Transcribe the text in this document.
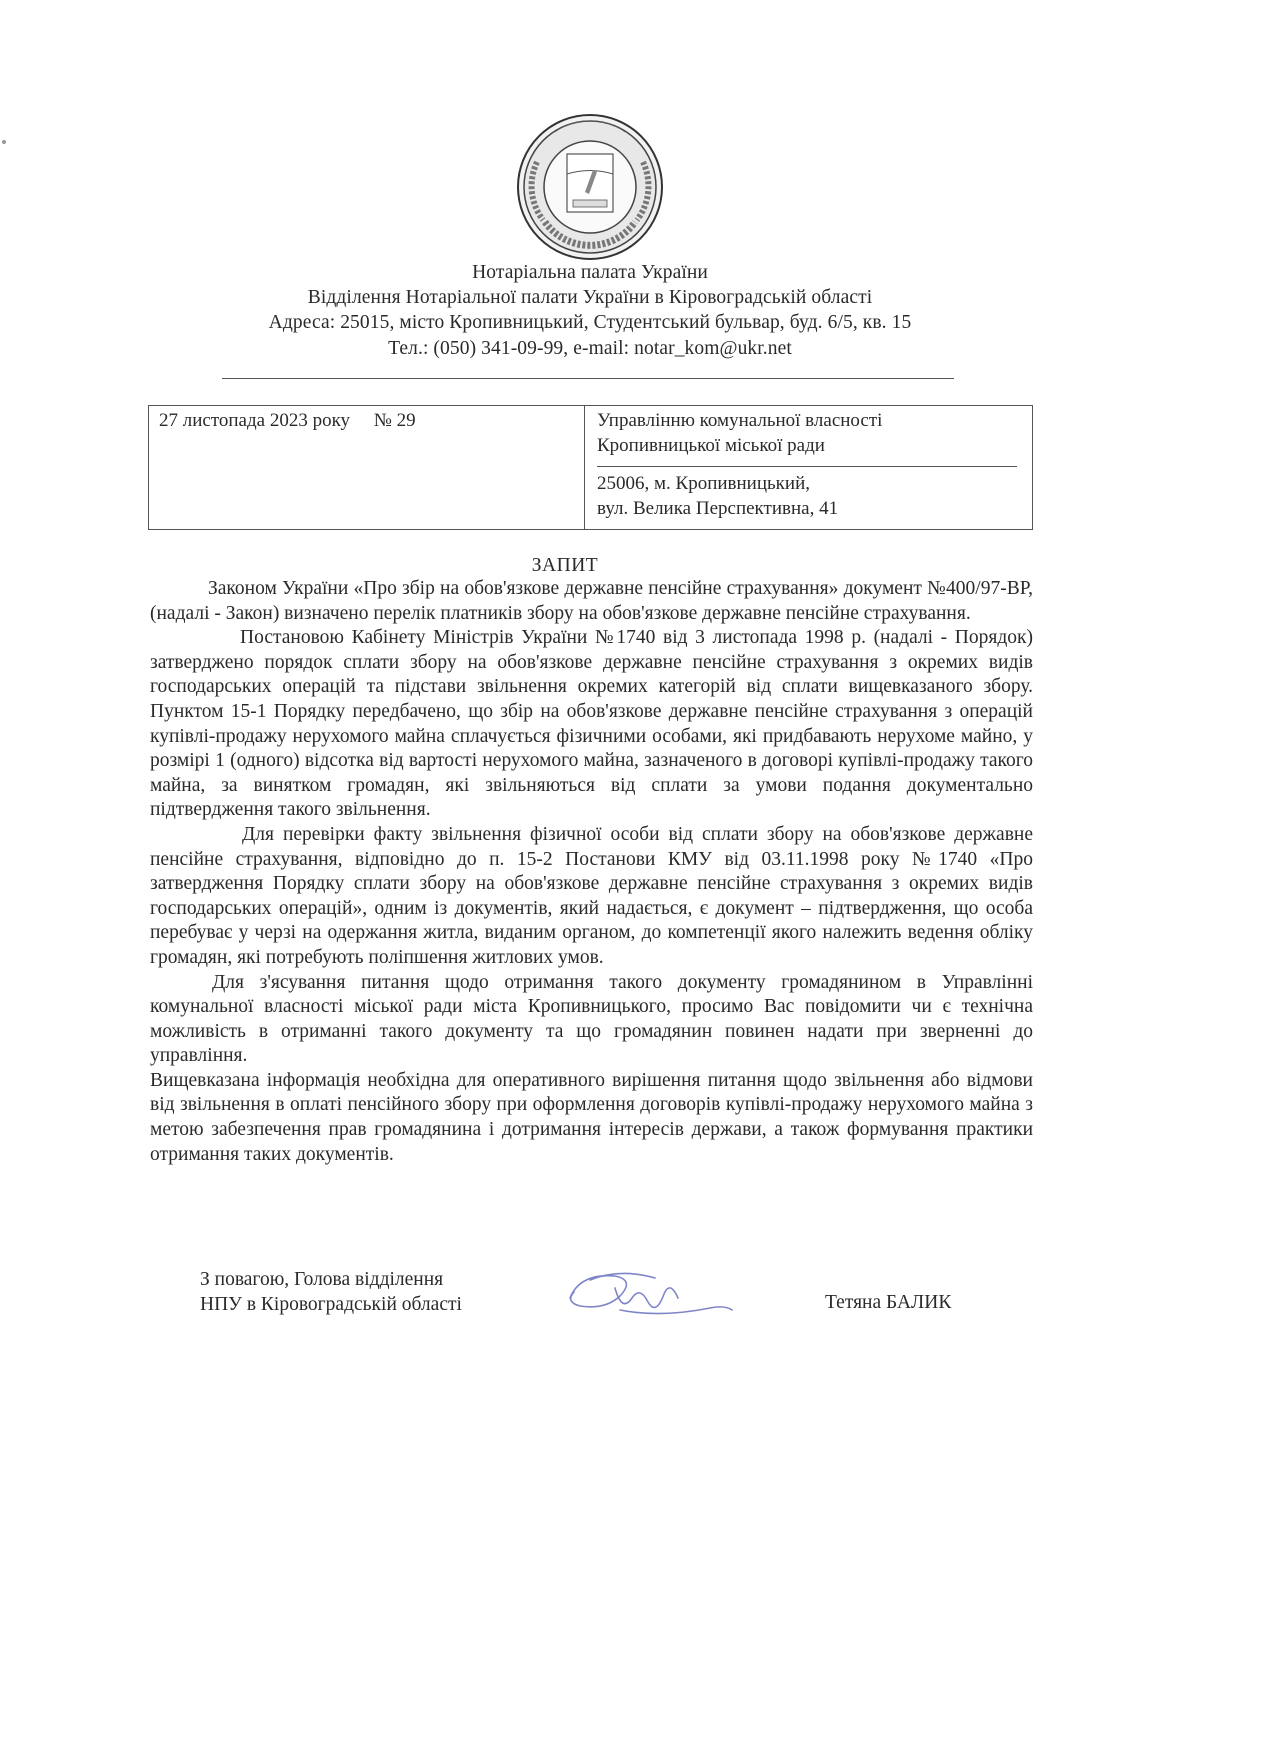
Нотаріальна палата України
Відділення Нотаріальної палати України в Кіровоградській області
Адреса: 25015, місто Кропивницький, Студентський бульвар, буд. 6/5, кв. 15
Тел.: (050) 341-09-99, e-mail: notar_kom@ukr.net
27 листопада 2023 року     № 29	Управлінню комунальної власності
Кропивницької міської ради
25006, м. Кропивницький,
вул. Велика Перспективна, 41
ЗАПИТ

Законом України «Про збір на обов'язкове державне пенсійне страхування» документ №400/97-ВР, (надалі - Закон) визначено перелік платників збору на обов'язкове державне пенсійне страхування.

Постановою Кабінету Міністрів України №1740 від 3 листопада 1998 р. (надалі - Порядок) затверджено порядок сплати збору на обов'язкове державне пенсійне страхування з окремих видів господарських операцій та підстави звільнення окремих категорій від сплати вищевказаного збору. Пунктом 15-1 Порядку передбачено, що збір на обов'язкове державне пенсійне страхування з операцій купівлі-продажу нерухомого майна сплачується фізичними особами, які придбавають нерухоме майно, у розмірі 1 (одного) відсотка від вартості нерухомого майна, зазначеного в договорі купівлі-продажу такого майна, за винятком громадян, які звільняються від сплати за умови подання документально підтвердження такого звільнення.

Для перевірки факту звільнення фізичної особи від сплати збору на обов'язкове державне пенсійне страхування, відповідно до п. 15-2 Постанови КМУ від 03.11.1998 року №1740 «Про затвердження Порядку сплати збору на обов'язкове державне пенсійне страхування з окремих видів господарських операцій», одним із документів, який надається, є документ – підтвердження, що особа перебуває у черзі на одержання житла, виданим органом, до компетенції якого належить ведення обліку громадян, які потребують поліпшення житлових умов.

Для з'ясування питання щодо отримання такого документу громадянином в Управлінні комунальної власності міської ради міста Кропивницького, просимо Вас повідомити чи є технічна можливість в отриманні такого документу та що громадянин повинен надати при зверненні до управління.

Вищевказана інформація необхідна для оперативного вирішення питання щодо звільнення або відмови від звільнення в оплаті пенсійного збору при оформлення договорів купівлі-продажу нерухомого майна з метою забезпечення прав громадянина і дотримання інтересів держави, а також формування практики отримання таких документів.

З повагою, Голова відділення
НПУ в Кіровоградській області	Тетяна БАЛИК
